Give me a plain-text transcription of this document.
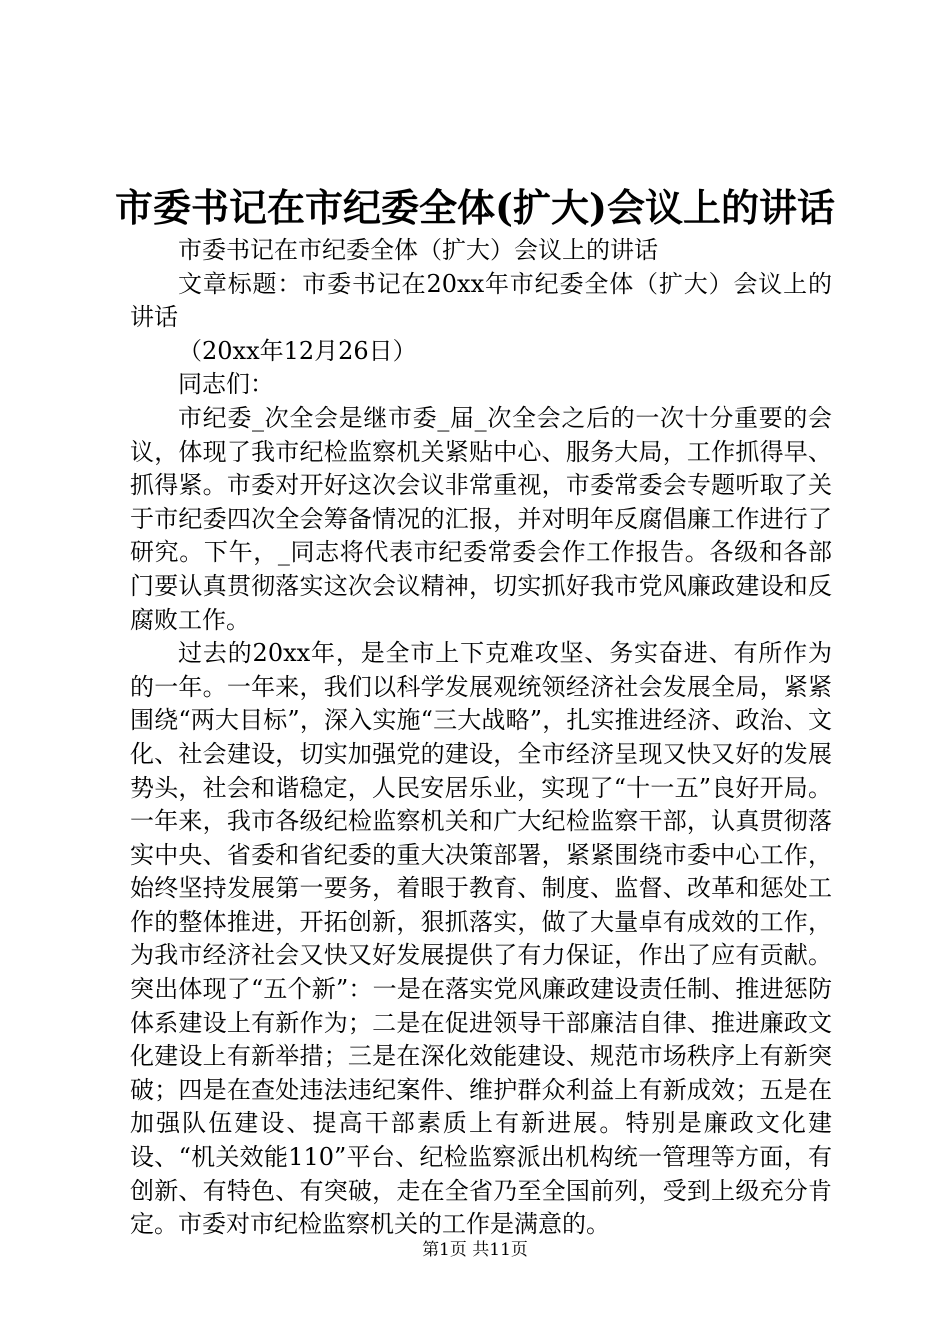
市委书记在市纪委全体(扩大)会议上的讲话

市委书记在市纪委全体（扩大）会议上的讲话

文章标题：市委书记在20xx年市纪委全体（扩大）会议上的讲话

（20xx年12月26日）

同志们：

市纪委_次全会是继市委_届_次全会之后的一次十分重要的会议，体现了我市纪检监察机关紧贴中心、服务大局，工作抓得早、抓得紧。市委对开好这次会议非常重视，市委常委会专题听取了关于市纪委四次全会筹备情况的汇报，并对明年反腐倡廉工作进行了研究。下午，_同志将代表市纪委常委会作工作报告。各级和各部门要认真贯彻落实这次会议精神，切实抓好我市党风廉政建设和反腐败工作。

过去的20xx年，是全市上下克难攻坚、务实奋进、有所作为的一年。一年来，我们以科学发展观统领经济社会发展全局，紧紧围绕“两大目标”，深入实施“三大战略”，扎实推进经济、政治、文化、社会建设，切实加强党的建设，全市经济呈现又快又好的发展势头，社会和谐稳定，人民安居乐业，实现了“十一五”良好开局。一年来，我市各级纪检监察机关和广大纪检监察干部，认真贯彻落实中央、省委和省纪委的重大决策部署，紧紧围绕市委中心工作，始终坚持发展第一要务，着眼于教育、制度、监督、改革和惩处工作的整体推进，开拓创新，狠抓落实，做了大量卓有成效的工作，为我市经济社会又快又好发展提供了有力保证，作出了应有贡献。突出体现了“五个新”：一是在落实党风廉政建设责任制、推进惩防体系建设上有新作为；二是在促进领导干部廉洁自律、推进廉政文化建设上有新举措；三是在深化效能建设、规范市场秩序上有新突破；四是在查处违法违纪案件、维护群众利益上有新成效；五是在加强队伍建设、提高干部素质上有新进展。特别是廉政文化建设、“机关效能110”平台、纪检监察派出机构统一管理等方面，有创新、有特色、有突破，走在全省乃至全国前列，受到上级充分肯定。市委对市纪检监察机关的工作是满意的。

第1页 共11页
